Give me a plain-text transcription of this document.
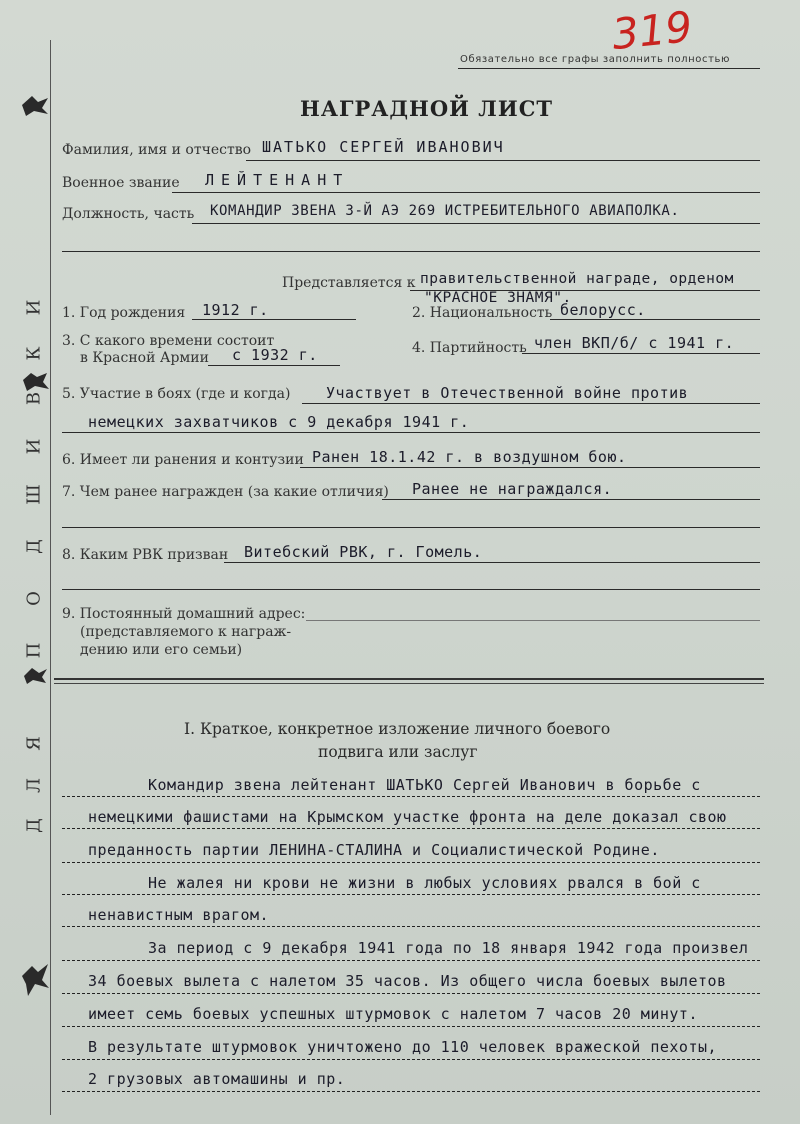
Д
Л
Я
П
О
Д
Ш
И
В
К
И
319
Обязательно все графы заполнить полностью
НАГРАДНОЙ ЛИСТ
Фамилия, имя и отчество ШАТЬКО СЕРГЕЙ ИВАНОВИЧ
Военное звание ЛЕЙТЕНАНТ
Должность, часть КОМАНДИР ЗВЕНА 3-Й АЭ 269 ИСТРЕБИТЕЛЬНОГО АВИАПОЛКА.
Представляется к правительственной награде, орденом
"КРАСНОЕ ЗНАМЯ".
1. Год рождения 1912 г.	2. Национальность белорусс.
3. С какого времени состоит
в Красной Армии с 1932 г.	4. Партийность член ВКП/б/ с 1941 г.
5. Участие в боях (где и когда) Участвует в Отечественной войне против
немецких захватчиков с 9 декабря 1941 г.
6. Имеет ли ранения и контузии Ранен 18.1.42 г. в воздушном бою.
7. Чем ранее награжден (за какие отличия) Ранее не награждался.
8. Каким РВК призван Витебский РВК, г. Гомель.
9. Постоянный домашний адрес:
(представляемого к награж-
дению или его семьи)
I. Краткое, конкретное изложение личного боевого
подвига или заслуг
Командир звена лейтенант ШАТЬКО Сергей Иванович в борьбе с
немецкими фашистами на Крымском участке фронта на деле доказал свою
преданность партии ЛЕНИНА-СТАЛИНА и Социалистической Родине.
Не жалея ни крови не жизни в любых условиях рвался в бой с
ненавистным врагом.
За период с 9 декабря 1941 года по 18 января 1942 года произвел
34 боевых вылета с налетом 35 часов. Из общего числа боевых вылетов
имеет семь боевых успешных штурмовок с налетом 7 часов 20 минут.
В результате штурмовок уничтожено до 110 человек вражеской пехоты,
2 грузовых автомашины и пр.
